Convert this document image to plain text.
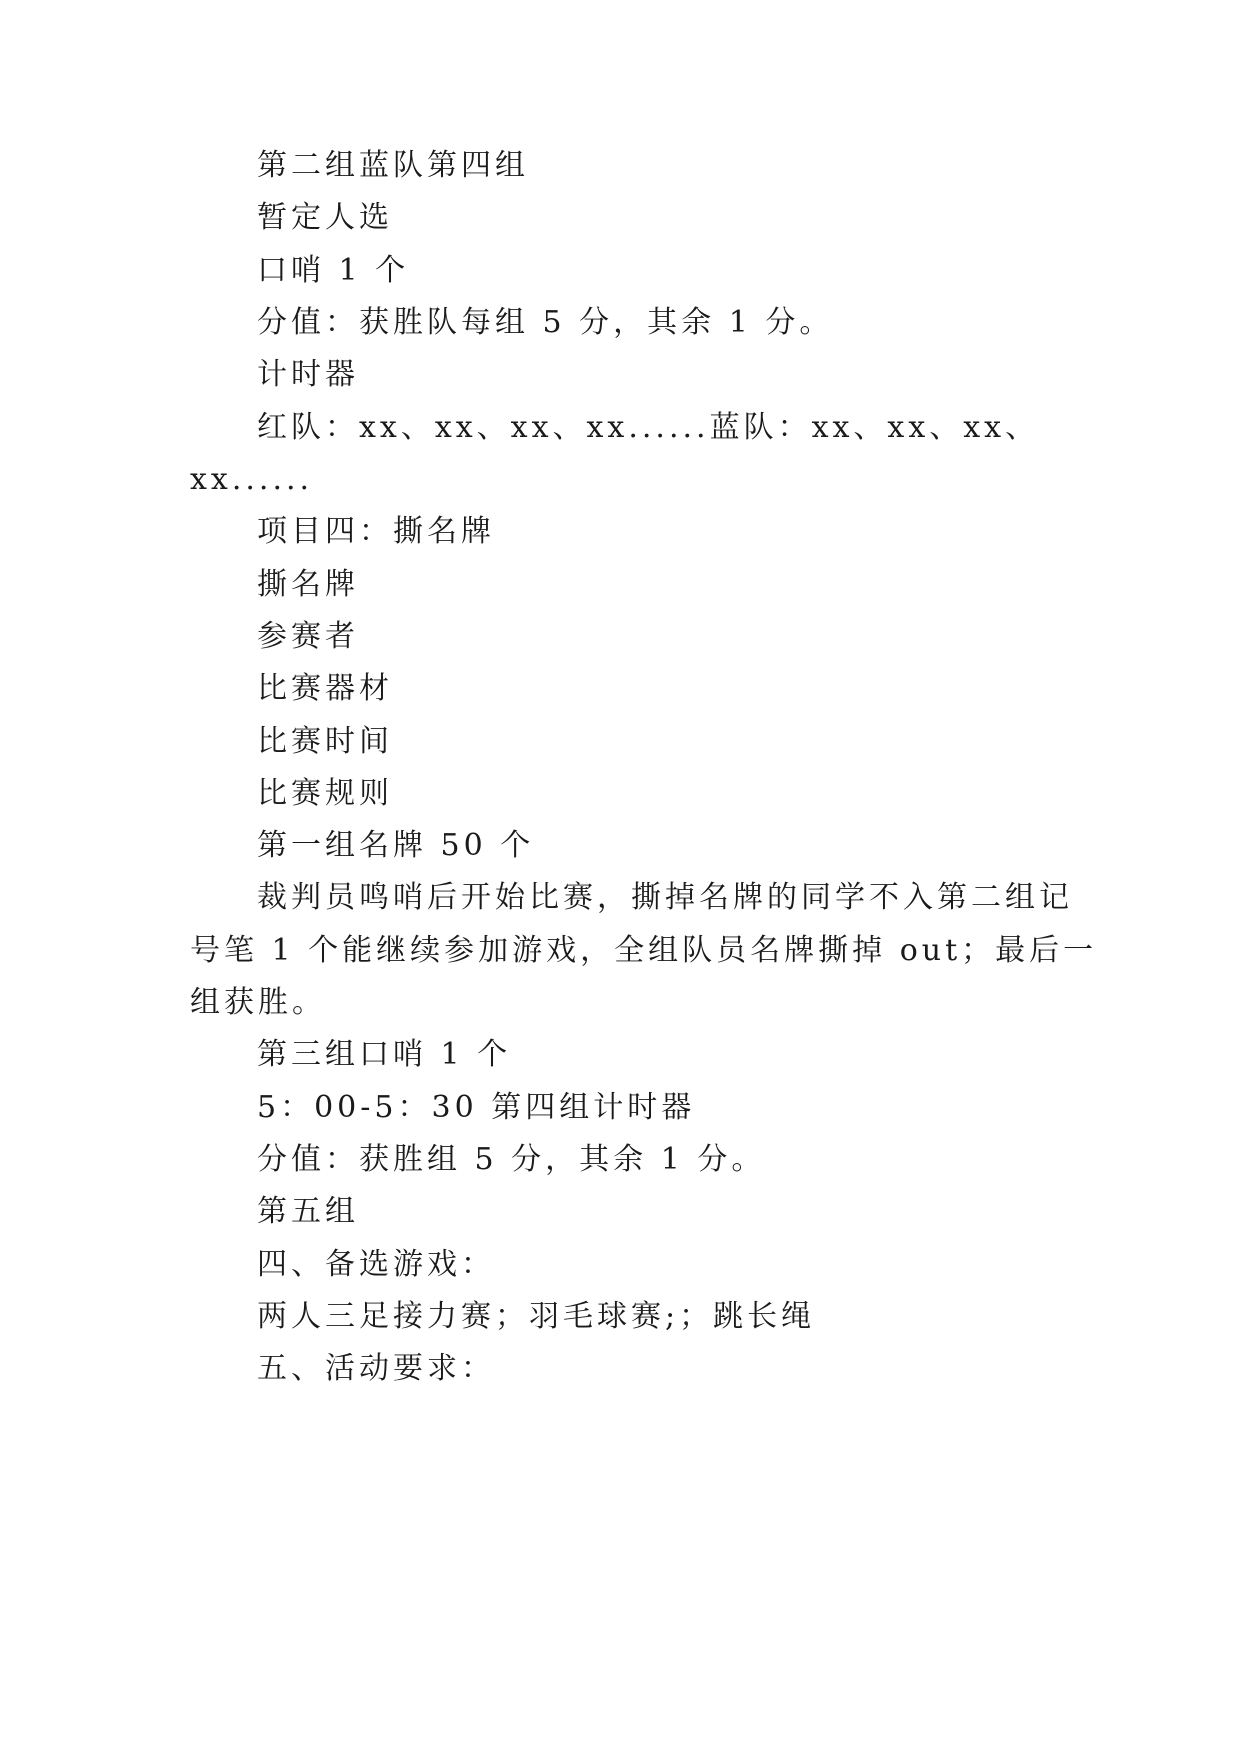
第二组蓝队第四组
暂定人选
口哨 1 个
分值：获胜队每组 5 分，其余 1 分。
计时器
红队：xx、xx、xx、xx......蓝队：xx、xx、xx、
xx......
项目四：撕名牌
撕名牌
参赛者
比赛器材
比赛时间
比赛规则
第一组名牌 50 个
裁判员鸣哨后开始比赛，撕掉名牌的同学不入第二组记
号笔 1 个能继续参加游戏，全组队员名牌撕掉 out；最后一
组获胜。
第三组口哨 1 个
5：00-5：30 第四组计时器
分值：获胜组 5 分，其余 1 分。
第五组
四、备选游戏：
两人三足接力赛；羽毛球赛;；跳长绳
五、活动要求：
